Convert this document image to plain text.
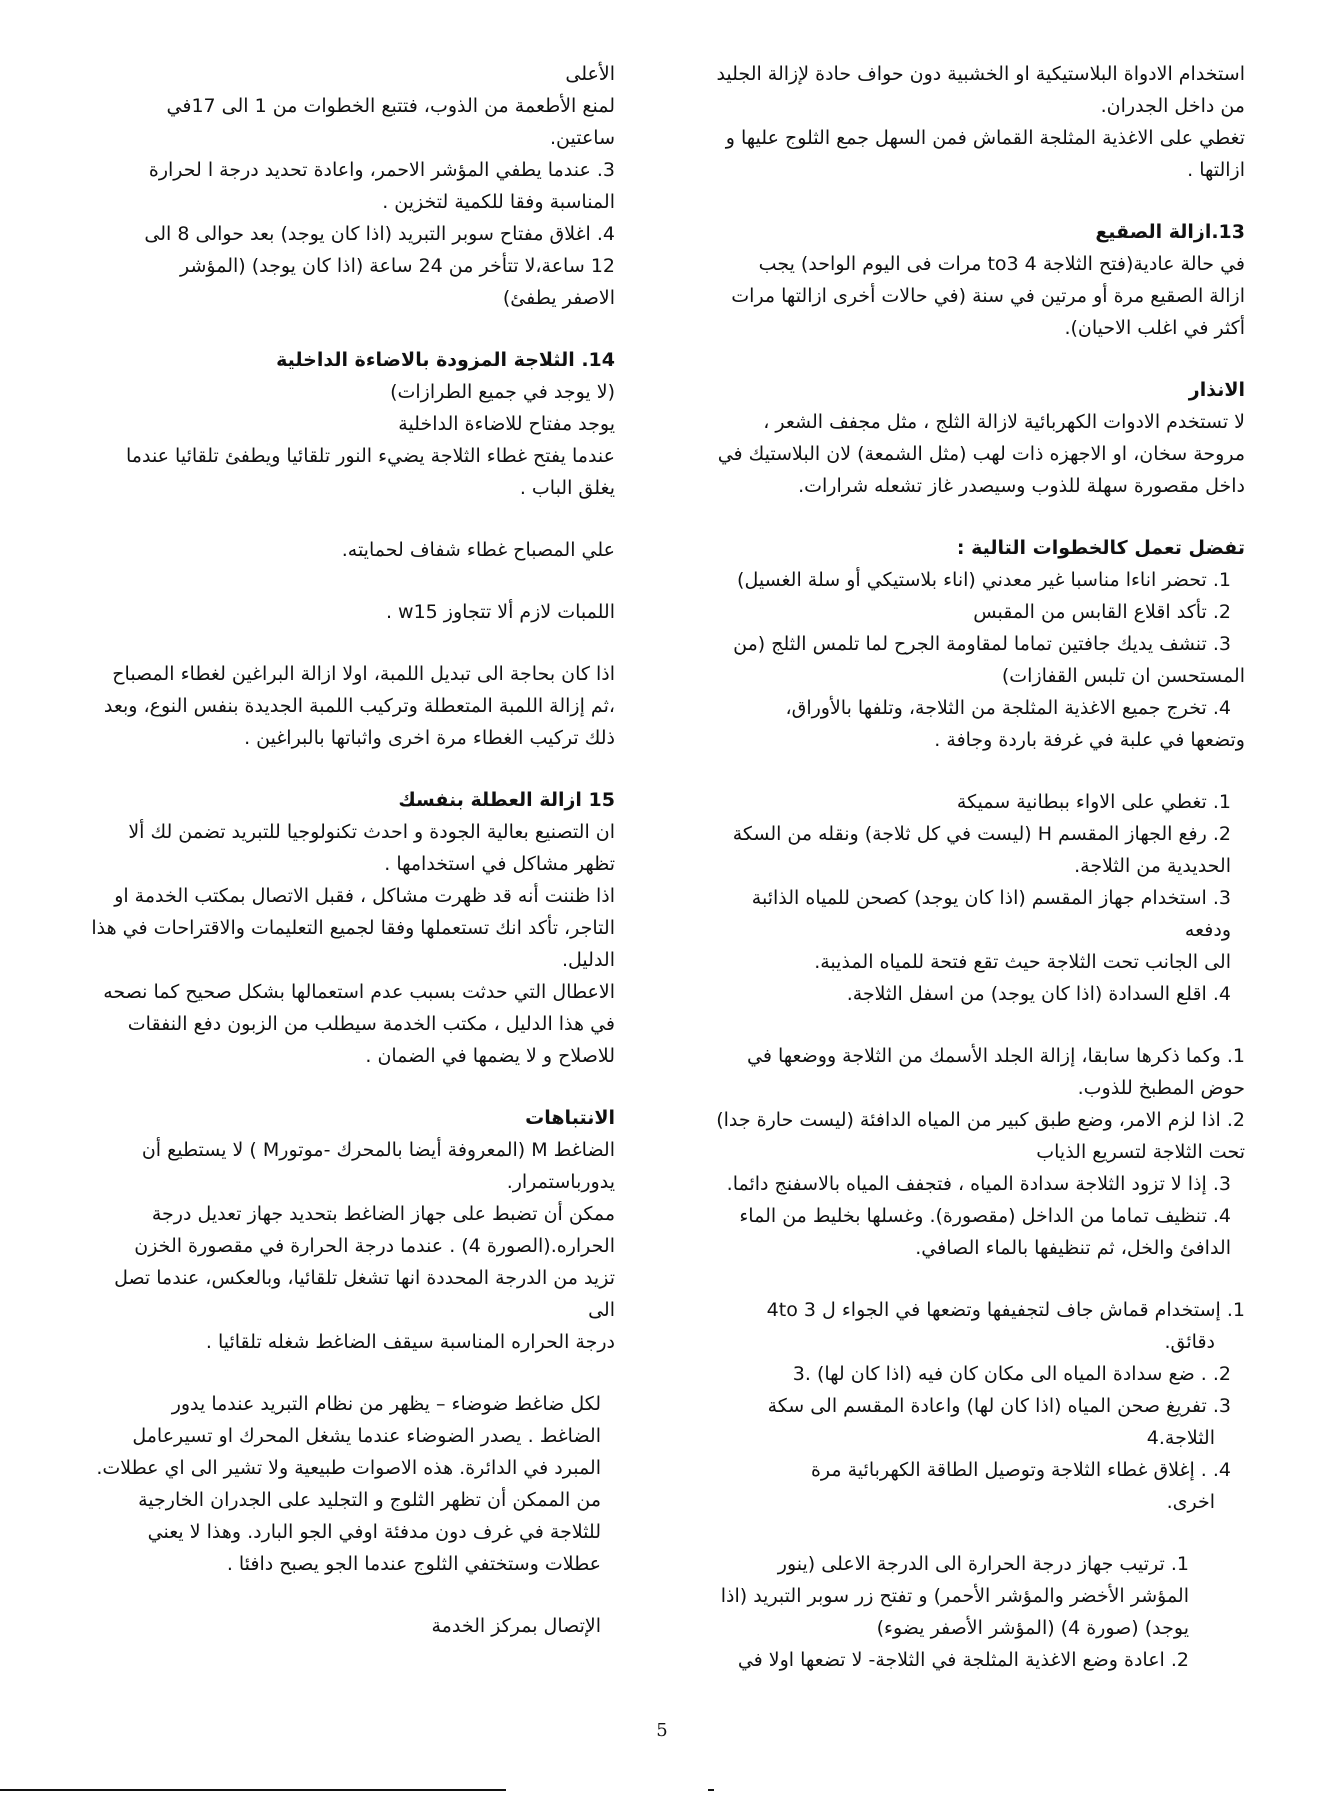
استخدام الادواة البلاستيكية او الخشبية دون حواف حادة لإزالة الجليد
من داخل الجدران.
تغطي على الاغذية المثلجة القماش فمن السهل جمع الثلوج عليها و
ازالتها .
13.ازالة الصقيع
في حالة عادية(فتح الثلاجة to3 4 مرات فى اليوم الواحد) يجب
ازالة الصقيع مرة أو مرتين في سنة (في حالات أخرى ازالتها مرات
أكثر في اغلب الاحيان).
الانذار
لا تستخدم الادوات الكهربائية لازالة الثلج ، مثل مجفف الشعر ،
مروحة سخان، او الاجهزه ذات لهب (مثل الشمعة) لان البلاستيك في
داخل مقصورة سهلة للذوب وسيصدر غاز تشعله شرارات.
تفضل تعمل كالخطوات التالية :
1. تحضر اناءا مناسبا غير معدني (اناء بلاستيكي أو سلة الغسيل)
2. تأكد اقلاع القابس من المقبس
3. تنشف يديك جافتين تماما لمقاومة الجرح لما تلمس الثلج (من
المستحسن ان تلبس القفازات)
4. تخرج جميع الاغذية المثلجة من الثلاجة، وتلفها بالأوراق،
وتضعها في علبة في غرفة باردة وجافة .
1. تغطي على الاواء ببطانية سميكة
2. رفع الجهاز المقسم H (ليست في كل ثلاجة) ونقله من السكة
الحديدية من الثلاجة.
3. استخدام جهاز المقسم (اذا كان يوجد) كصحن للمياه الذائبة ودفعه
الى الجانب تحت الثلاجة حيث تقع فتحة للمياه المذيبة.
4. اقلع السدادة (اذا كان يوجد) من اسفل الثلاجة.
1. وكما ذكرها سابقا، إزالة الجلد الأسمك من الثلاجة ووضعها في
حوض المطبخ للذوب.
2. اذا لزم الامر، وضع طبق كبير من المياه الدافئة (ليست حارة جدا)
تحت الثلاجة لتسريع الذياب
3. إذا لا تزود الثلاجة سدادة المياه ، فتجفف المياه بالاسفنج دائما.
4. تنظيف تماما من الداخل (مقصورة). وغسلها بخليط من الماء
الدافئ والخل، ثم تنظيفها بالماء الصافي.
1. إستخدام قماش جاف لتجفيفها وتضعها في الجواء ل 3 4to
دقائق.
2. . ضع سدادة المياه الى مكان كان فيه (اذا كان لها) .3
3. تفريغ صحن المياه (اذا كان لها) واعادة المقسم الى سكة
الثلاجة.4
4. . إغلاق غطاء الثلاجة وتوصيل الطاقة الكهربائية مرة
اخرى.
1. ترتيب جهاز درجة الحرارة الى الدرجة الاعلى (ينور
المؤشر الأخضر والمؤشر الأحمر) و تفتح زر سوبر التبريد (اذا
يوجد) (صورة 4) (المؤشر الأصفر يضوء)
2. اعادة وضع الاغذية المثلجة في الثلاجة- لا تضعها اولا في
الأعلى
لمنع الأطعمة من الذوب، فتتبع الخطوات من 1 الى 17في
ساعتين.
3. عندما يطفي المؤشر الاحمر، واعادة تحديد درجة ا لحرارة
المناسبة وفقا للكمية لتخزين .
4. اغلاق مفتاح سوبر التبريد (اذا كان يوجد) بعد حوالى 8 الى
12 ساعة،لا تتأخر من 24 ساعة (اذا كان يوجد) (المؤشر
الاصفر يطفئ)
14. الثلاجة المزودة بالاضاءة الداخلية
(لا يوجد في جميع الطرازات)
يوجد مفتاح للاضاءة الداخلية
عندما يفتح غطاء الثلاجة يضيء النور تلقائيا ويطفئ تلقائيا عندما
يغلق الباب .
علي المصباح غطاء شفاف لحمايته.
اللمبات لازم ألا تتجاوز w15 .
اذا كان بحاجة الى تبديل اللمبة، اولا ازالة البراغين لغطاء المصباح
،ثم إزالة اللمبة المتعطلة وتركيب اللمبة الجديدة بنفس النوع، وبعد
ذلك تركيب الغطاء مرة اخرى واثباتها بالبراغين .
15 ازالة العطلة بنفسك
ان التصنيع بعالية الجودة و احدث تكنولوجيا للتبريد تضمن لك ألا
تظهر مشاكل في استخدامها .
اذا ظننت أنه قد ظهرت مشاكل ، فقبل الاتصال بمكتب الخدمة او
التاجر، تأكد انك تستعملها وفقا لجميع التعليمات والاقتراحات في هذا
الدليل.
الاعطال التي حدثت بسبب عدم استعمالها بشكل صحيح كما نصحه
في هذا الدليل ، مكتب الخدمة سيطلب من الزبون دفع النفقات
للاصلاح و لا يضمها في الضمان .
الانتباهات
الضاغط M (المعروفة أيضا بالمحرك -موتورM ) لا يستطيع أن
يدورباستمرار.
ممكن أن تضبط على جهاز الضاغط بتحديد جهاز تعديل درجة
الحراره.(الصورة 4) . عندما درجة الحرارة في مقصورة الخزن
تزيد من الدرجة المحددة انها تشغل تلقائيا، وبالعكس، عندما تصل الى
درجة الحراره المناسبة سيقف الضاغط شغله تلقائيا .
لكل ضاغط ضوضاء – يظهر من نظام التبريد عندما يدور
الضاغط . يصدر الضوضاء عندما يشغل المحرك او تسيرعامل
المبرد في الدائرة. هذه الاصوات طبيعية ولا تشير الى اي عطلات.
من الممكن أن تظهر الثلوج و التجليد على الجدران الخارجية
للثلاجة في غرف دون مدفئة اوفي الجو البارد. وهذا لا يعني
عطلات وستختفي الثلوج عندما الجو يصبح دافئا .
الإتصال بمركز الخدمة
5
